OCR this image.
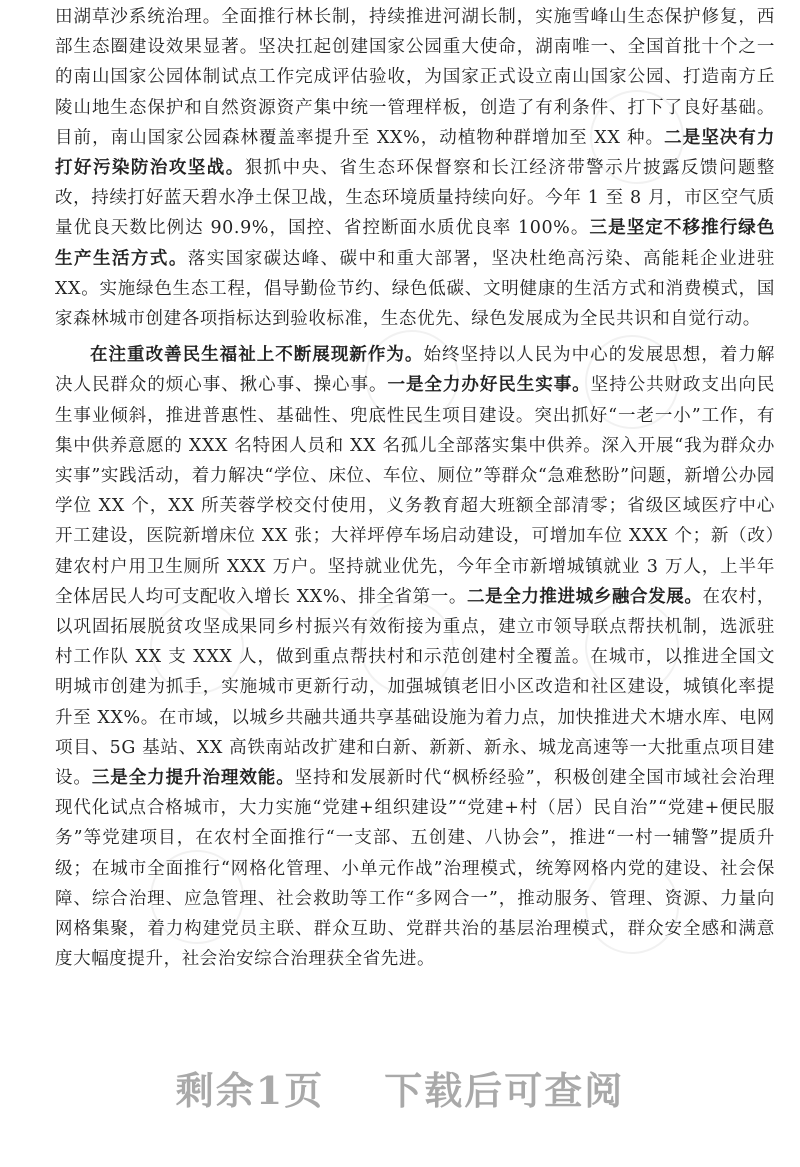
田湖草沙系统治理。全面推行林长制，持续推进河湖长制，实施雪峰山生态保护修复，西部生态圈建设效果显著。坚决扛起创建国家公园重大使命，湖南唯一、全国首批十个之一的南山国家公园体制试点工作完成评估验收，为国家正式设立南山国家公园、打造南方丘陵山地生态保护和自然资源资产集中统一管理样板，创造了有利条件、打下了良好基础。目前，南山国家公园森林覆盖率提升至 XX%，动植物种群增加至 XX 种。二是坚决有力打好污染防治攻坚战。狠抓中央、省生态环保督察和长江经济带警示片披露反馈问题整改，持续打好蓝天碧水净土保卫战，生态环境质量持续向好。今年 1 至 8 月，市区空气质量优良天数比例达 90.9%，国控、省控断面水质优良率 100%。三是坚定不移推行绿色生产生活方式。落实国家碳达峰、碳中和重大部署，坚决杜绝高污染、高能耗企业进驻 XX。实施绿色生态工程，倡导勤俭节约、绿色低碳、文明健康的生活方式和消费模式，国家森林城市创建各项指标达到验收标准，生态优先、绿色发展成为全民共识和自觉行动。

在注重改善民生福祉上不断展现新作为。始终坚持以人民为中心的发展思想，着力解决人民群众的烦心事、揪心事、操心事。一是全力办好民生实事。坚持公共财政支出向民生事业倾斜，推进普惠性、基础性、兜底性民生项目建设。突出抓好“一老一小”工作，有集中供养意愿的 XXX 名特困人员和 XX 名孤儿全部落实集中供养。深入开展“我为群众办实事”实践活动，着力解决“学位、床位、车位、厕位”等群众“急难愁盼”问题，新增公办园学位 XX 个，XX 所芙蓉学校交付使用，义务教育超大班额全部清零；省级区域医疗中心开工建设，医院新增床位 XX 张；大祥坪停车场启动建设，可增加车位 XXX 个；新（改）建农村户用卫生厕所 XXX 万户。坚持就业优先，今年全市新增城镇就业 3 万人，上半年全体居民人均可支配收入增长 XX%、排全省第一。二是全力推进城乡融合发展。在农村，以巩固拓展脱贫攻坚成果同乡村振兴有效衔接为重点，建立市领导联点帮扶机制，选派驻村工作队 XX 支 XXX 人，做到重点帮扶村和示范创建村全覆盖。在城市，以推进全国文明城市创建为抓手，实施城市更新行动，加强城镇老旧小区改造和社区建设，城镇化率提升至 XX%。在市域，以城乡共融共通共享基础设施为着力点，加快推进犬木塘水库、电网项目、5G 基站、XX 高铁南站改扩建和白新、新新、新永、城龙高速等一大批重点项目建设。三是全力提升治理效能。坚持和发展新时代“枫桥经验”，积极创建全国市域社会治理现代化试点合格城市，大力实施“党建+组织建设”“党建+村（居）民自治”“党建+便民服务”等党建项目，在农村全面推行“一支部、五创建、八协会”，推进“一村一辅警”提质升级；在城市全面推行“网格化管理、小单元作战”治理模式，统筹网格内党的建设、社会保障、综合治理、应急管理、社会救助等工作“多网合一”，推动服务、管理、资源、力量向网格集聚，着力构建党员主联、群众互助、党群共治的基层治理模式，群众安全感和满意度大幅度提升，社会治安综合治理获全省先进。

剩余1页 下载后可查阅
